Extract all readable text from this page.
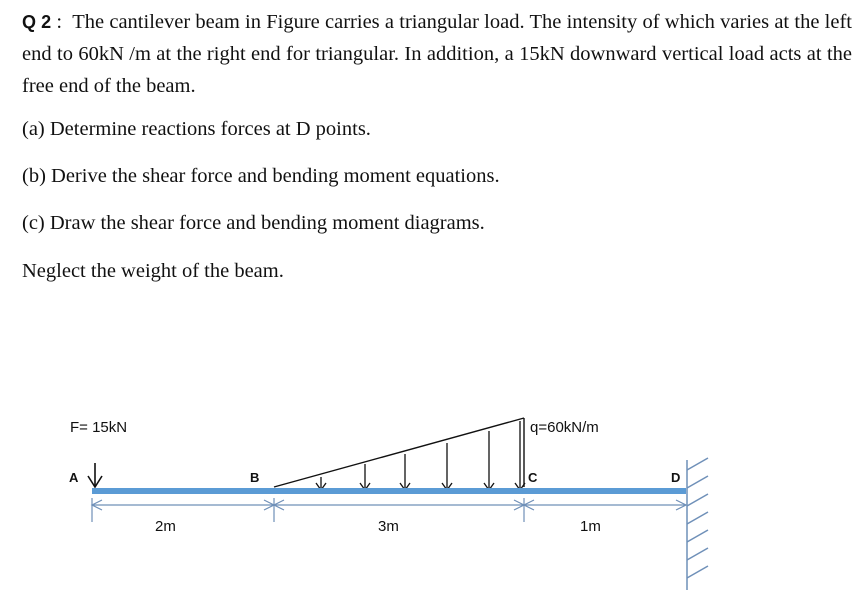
Q 2 : The cantilever beam in Figure carries a triangular load. The intensity of which varies at the left end to 60kN /m at the right end for triangular. In addition, a 15kN downward vertical load acts at the free end of the beam.

(a) Determine reactions forces at D points.
(b) Derive the shear force and bending moment equations.
(c) Draw the shear force and bending moment diagrams.
Neglect the weight of the beam.
F= 15kN
A	B	C	D
q=60kN/m
2m	3m	1m
